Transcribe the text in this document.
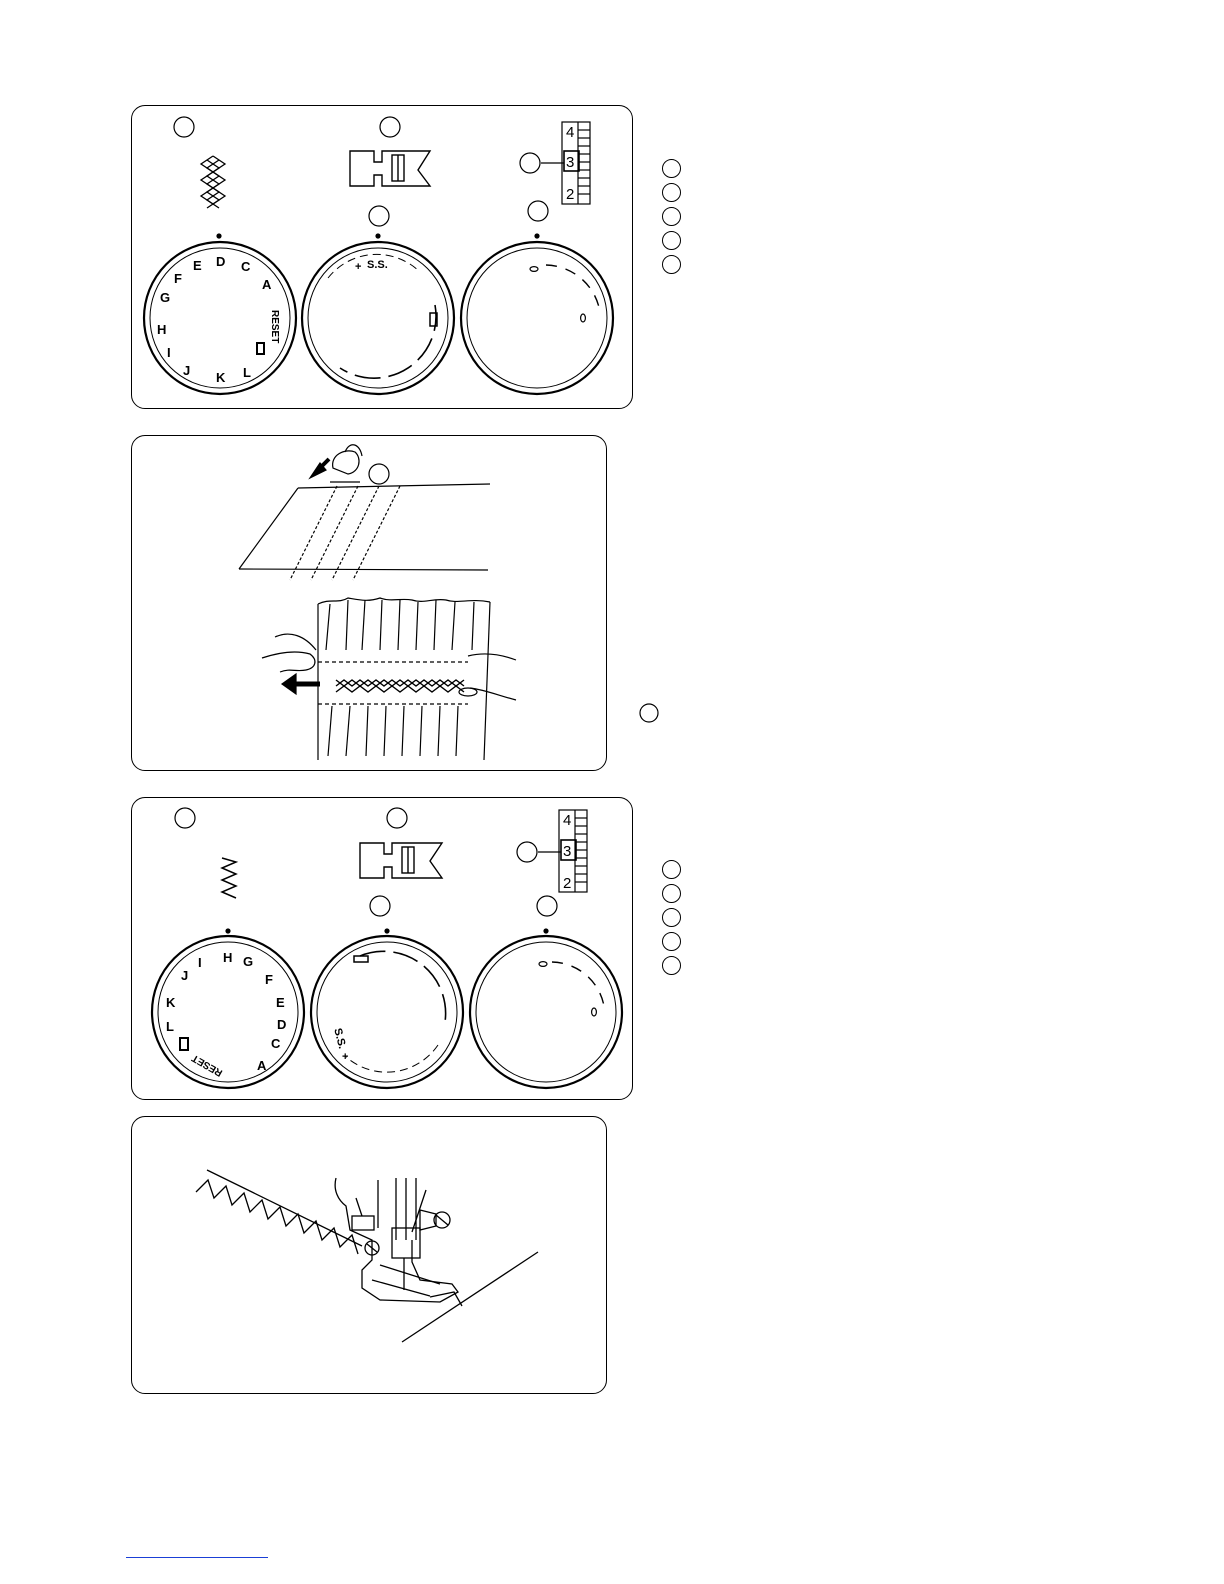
4
3
2
A
C
D
E
F
G
H
I
J K L
RESET
S.S.
+
4
3
2
A
C
D
E
F
G
H
I
J
K
L
RESET
S.S.
+
